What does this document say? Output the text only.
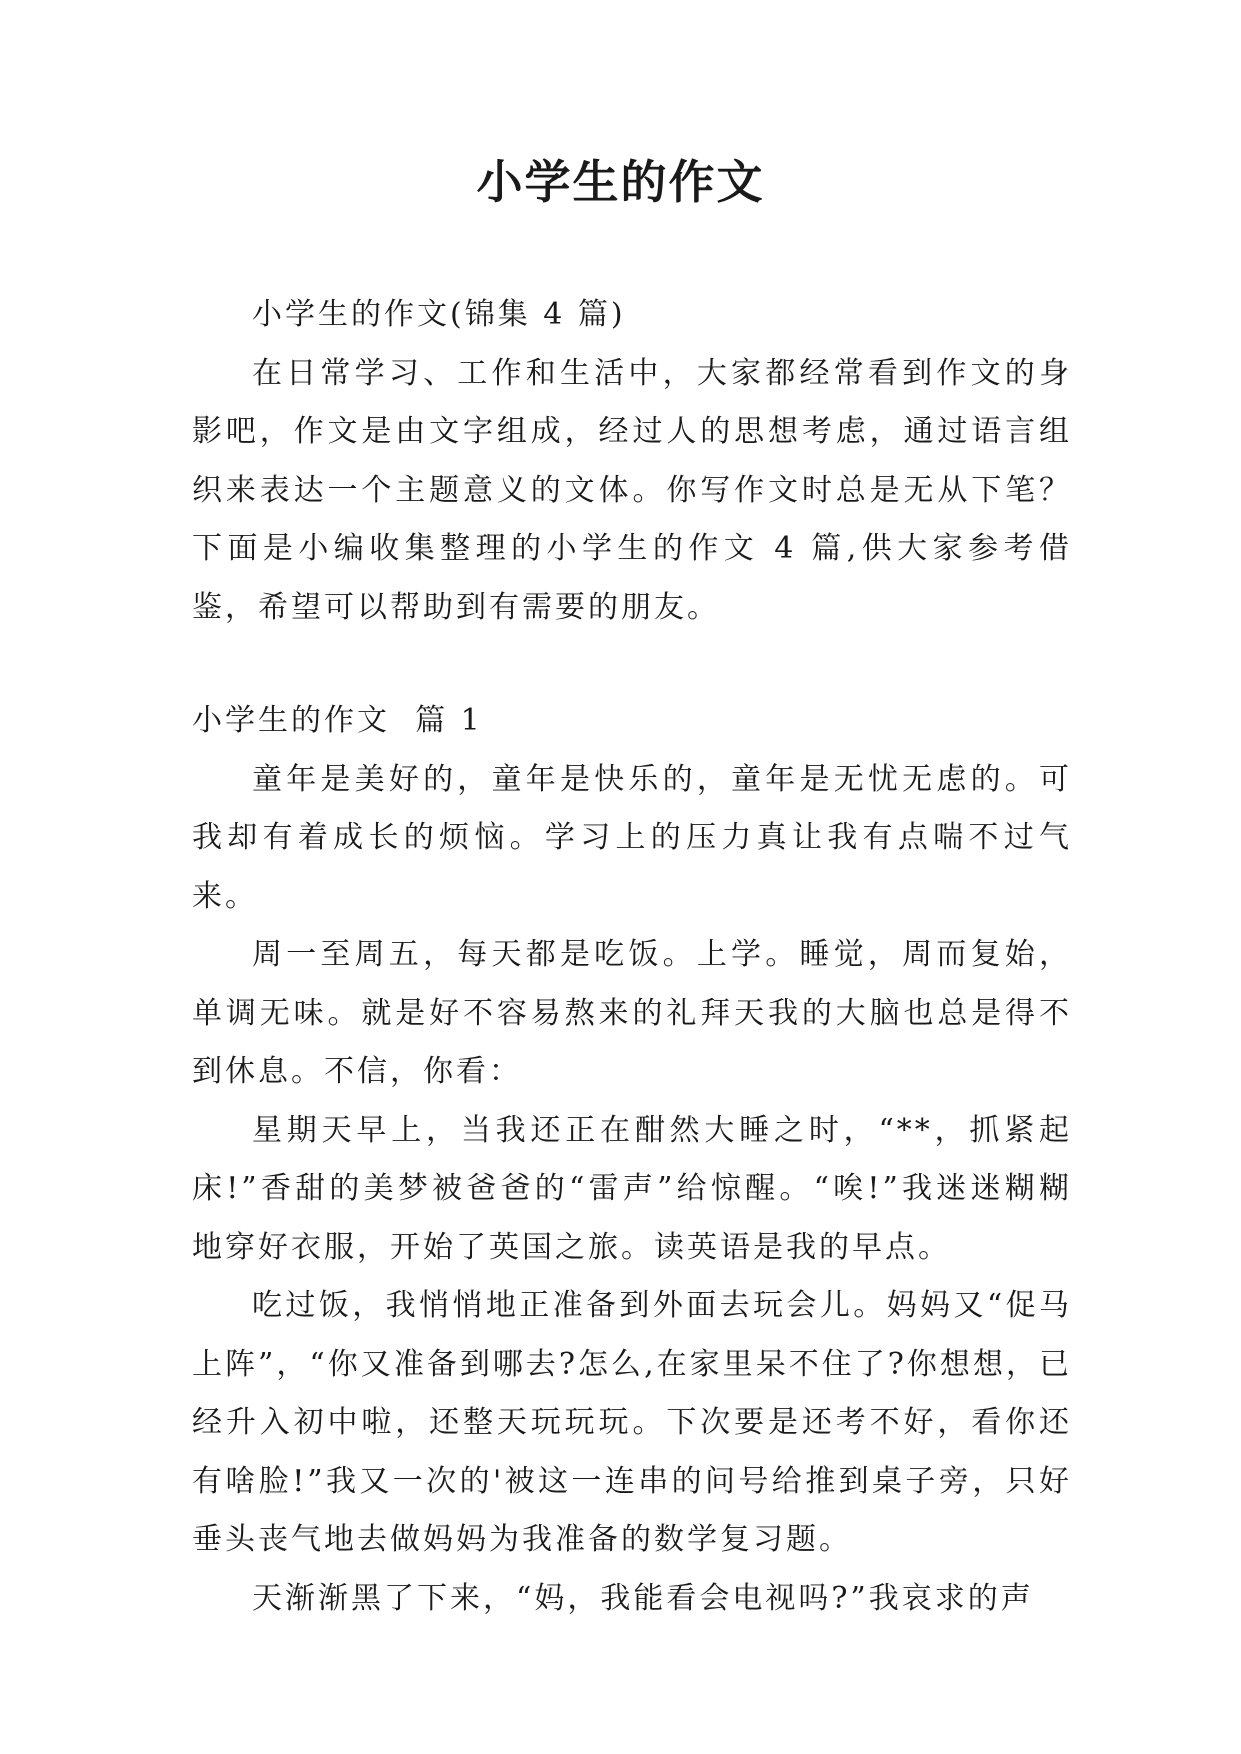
小学生的作文

小学生的作文(锦集 4 篇)

在日常学习、工作和生活中，大家都经常看到作文的身影吧，作文是由文字组成，经过人的思想考虑，通过语言组织来表达一个主题意义的文体。你写作文时总是无从下笔？下面是小编收集整理的小学生的作文 4 篇,供大家参考借鉴，希望可以帮助到有需要的朋友。

小学生的作文  篇 1

童年是美好的，童年是快乐的，童年是无忧无虑的。可我却有着成长的烦恼。学习上的压力真让我有点喘不过气来。

周一至周五，每天都是吃饭。上学。睡觉，周而复始，单调无味。就是好不容易熬来的礼拜天我的大脑也总是得不到休息。不信，你看：

星期天早上，当我还正在酣然大睡之时，“**，抓紧起床!”香甜的美梦被爸爸的“雷声”给惊醒。“唉!”我迷迷糊糊地穿好衣服，开始了英国之旅。读英语是我的早点。

吃过饭，我悄悄地正准备到外面去玩会儿。妈妈又“促马上阵”，“你又准备到哪去?怎么,在家里呆不住了?你想想，已经升入初中啦，还整天玩玩玩。下次要是还考不好，看你还有啥脸!”我又一次的'被这一连串的问号给推到桌子旁，只好垂头丧气地去做妈妈为我准备的数学复习题。

天渐渐黑了下来，“妈，我能看会电视吗?”我哀求的声
